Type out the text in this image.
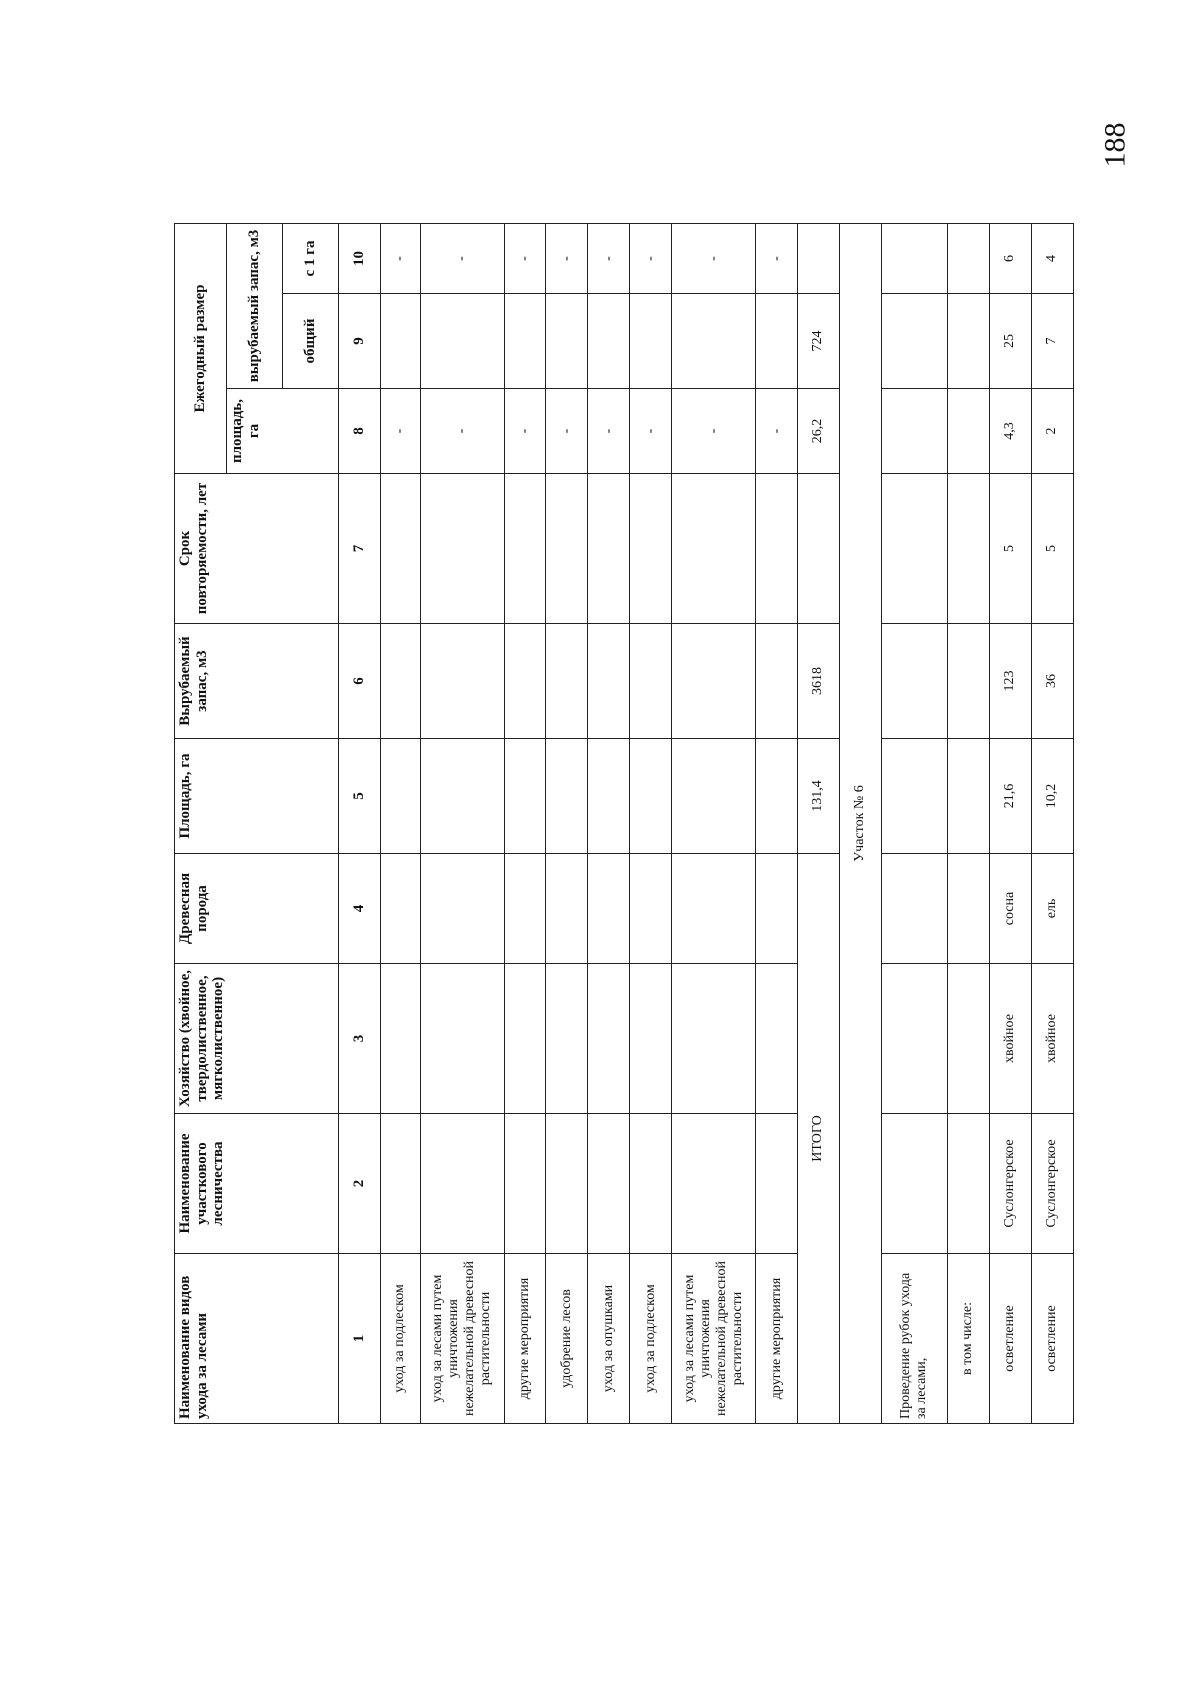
188
Наименование видов ухода за лесами	Наименование участкового лесничества	Хозяйство (хвойное, твердолиственное, мягколиственное)	Древесная порода	Площадь, га	Вырубаемый запас, м3	Срок повторяемости, лет	Ежегодный размер		
							площадь, га	вырубаемый запас, м3	
								общий	с 1 га
1	2	3	4	5	6	7	8	9	10
уход за подлеском							-		-
уход за лесами путем уничтожения нежелательной древесной растительности							-		-
другие мероприятия							-		-
удобрение лесов							-		-
уход за опушками							-		-
уход за подлеском							-		-
уход за лесами путем уничтожения нежелательной древесной растительности							-		-
другие мероприятия							-		-
ИТОГО				131,4	3618		26,2	724	
Участок № 6									
Проведение рубок ухода за лесами,									
в том числе:									
осветление	Суслонгерское	хвойное	сосна	21,6	123	5	4,3	25	6
осветление	Суслонгерское	хвойное	ель	10,2	36	5	2	7	4
